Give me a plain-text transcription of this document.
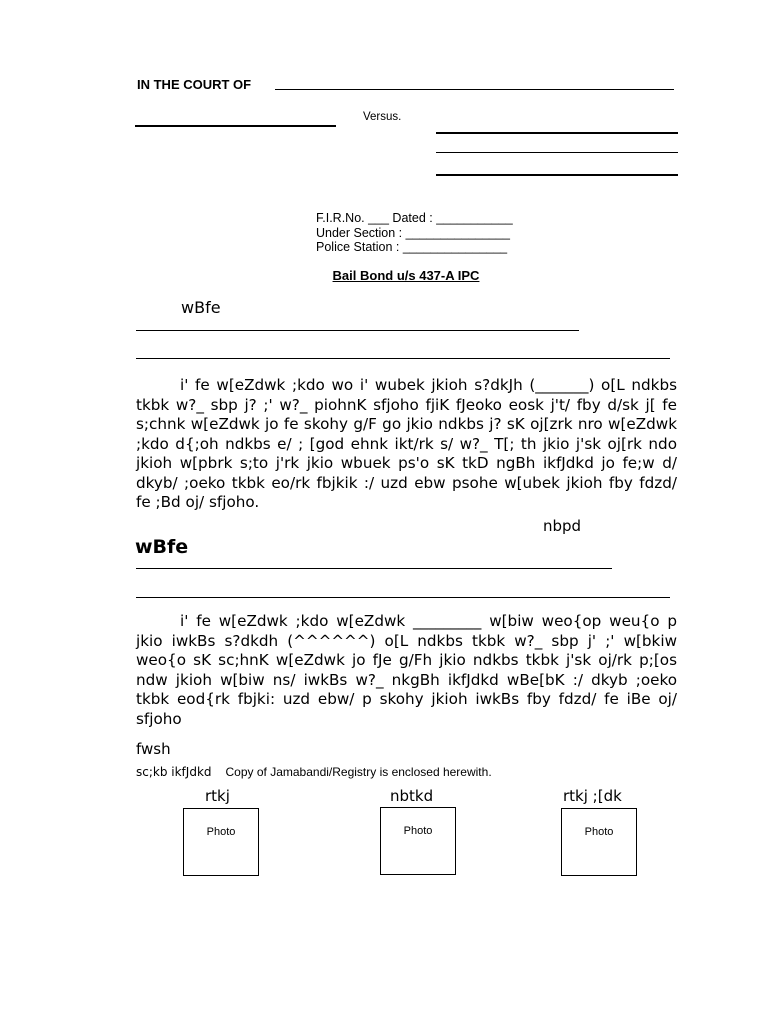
IN THE COURT OF
Versus.
F.I.R.No. ___ Dated : ___________
Under Section : _______________
Police Station : _______________
Bail Bond u/s 437-A IPC
wBfe

i' fe w[eZdwk ;kdo wo i' wubek jkioh s?dkJh (_______) o[L ndkbs tkbk w?_ sbp j? ;' w?_ piohnK sfjoho fjiK fJeoko eosk j't/ fby d/sk j[ fe s;chnk w[eZdwk jo fe skohy g/F go jkio ndkbs j? sK oj[zrk nro w[eZdwk ;kdo d{;oh ndkbs e/ ; [god ehnk ikt/rk s/ w?_ T[; th jkio j'sk oj[rk ndo jkioh w[pbrk s;to j'rk jkio wbuek ps'o sK tkD ngBh ikfJdkd jo fe;w d/ dkyb/ ;oeko tkbk eo/rk fbjkik :/ uzd ebw psohe w[ubek jkioh fby fdzd/ fe ;Bd oj/ sfjoho.

nbpd
wBfe

i' fe w[eZdwk ;kdo w[eZdwk _________ w[biw weo{op weu{o p jkio iwkBs s?dkdh (^^^^^^) o[L ndkbs tkbk w?_ sbp j' ;' w[bkiw weo{o sK sc;hnK w[eZdwk jo fJe g/Fh jkio ndkbs tkbk j'sk oj/rk p;[os ndw jkioh w[biw ns/ iwkBs w?_ nkgBh ikfJdkd wBe[bK :/ dkyb ;oeko tkbk eod{rk fbjki: uzd ebw/ p skohy jkioh iwkBs fby fdzd/ fe iBe oj/ sfjoho

fwsh
sc;kb ikfJdkd Copy of Jamabandi/Registry is enclosed herewith.
rtkj	nbtkd	rtkj ;[dk
Photo	Photo	Photo
